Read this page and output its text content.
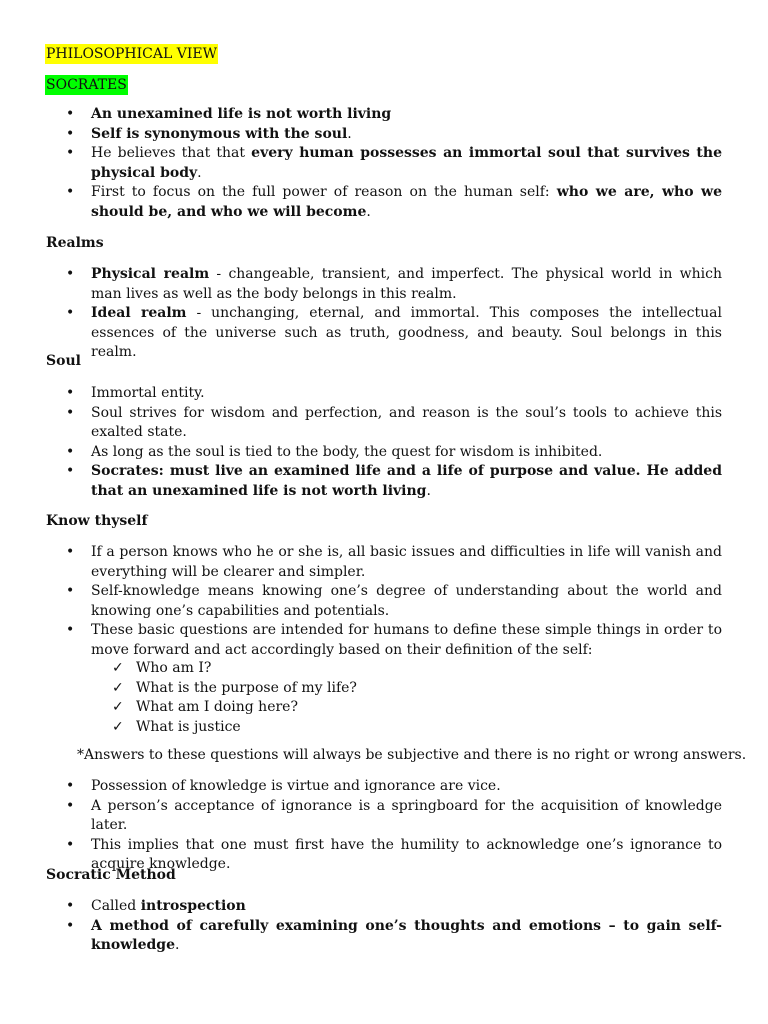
PHILOSOPHICAL VIEW
SOCRATES
• An unexamined life is not worth living
• Self is synonymous with the soul.
• He believes that that every human possesses an immortal soul that survives the physical body.
• First to focus on the full power of reason on the human self: who we are, who we should be, and who we will become.
Realms
• Physical realm - changeable, transient, and imperfect. The physical world in which man lives as well as the body belongs in this realm.
• Ideal realm - unchanging, eternal, and immortal. This composes the intellectual essences of the universe such as truth, goodness, and beauty. Soul belongs in this realm.
Soul
• Immortal entity.
• Soul strives for wisdom and perfection, and reason is the soul’s tools to achieve this exalted state.
• As long as the soul is tied to the body, the quest for wisdom is inhibited.
• Socrates: must live an examined life and a life of purpose and value. He added that an unexamined life is not worth living.
Know thyself
• If a person knows who he or she is, all basic issues and difficulties in life will vanish and everything will be clearer and simpler.
• Self-knowledge means knowing one’s degree of understanding about the world and knowing one’s capabilities and potentials.
• These basic questions are intended for humans to define these simple things in order to move forward and act accordingly based on their definition of the self:
✓ Who am I?
✓ What is the purpose of my life?
✓ What am I doing here?
✓ What is justice
*Answers to these questions will always be subjective and there is no right or wrong answers.
• Possession of knowledge is virtue and ignorance are vice.
• A person’s acceptance of ignorance is a springboard for the acquisition of knowledge later.
• This implies that one must first have the humility to acknowledge one’s ignorance to acquire knowledge.
Socratic Method
• Called introspection
• A method of carefully examining one’s thoughts and emotions – to gain self-knowledge.
